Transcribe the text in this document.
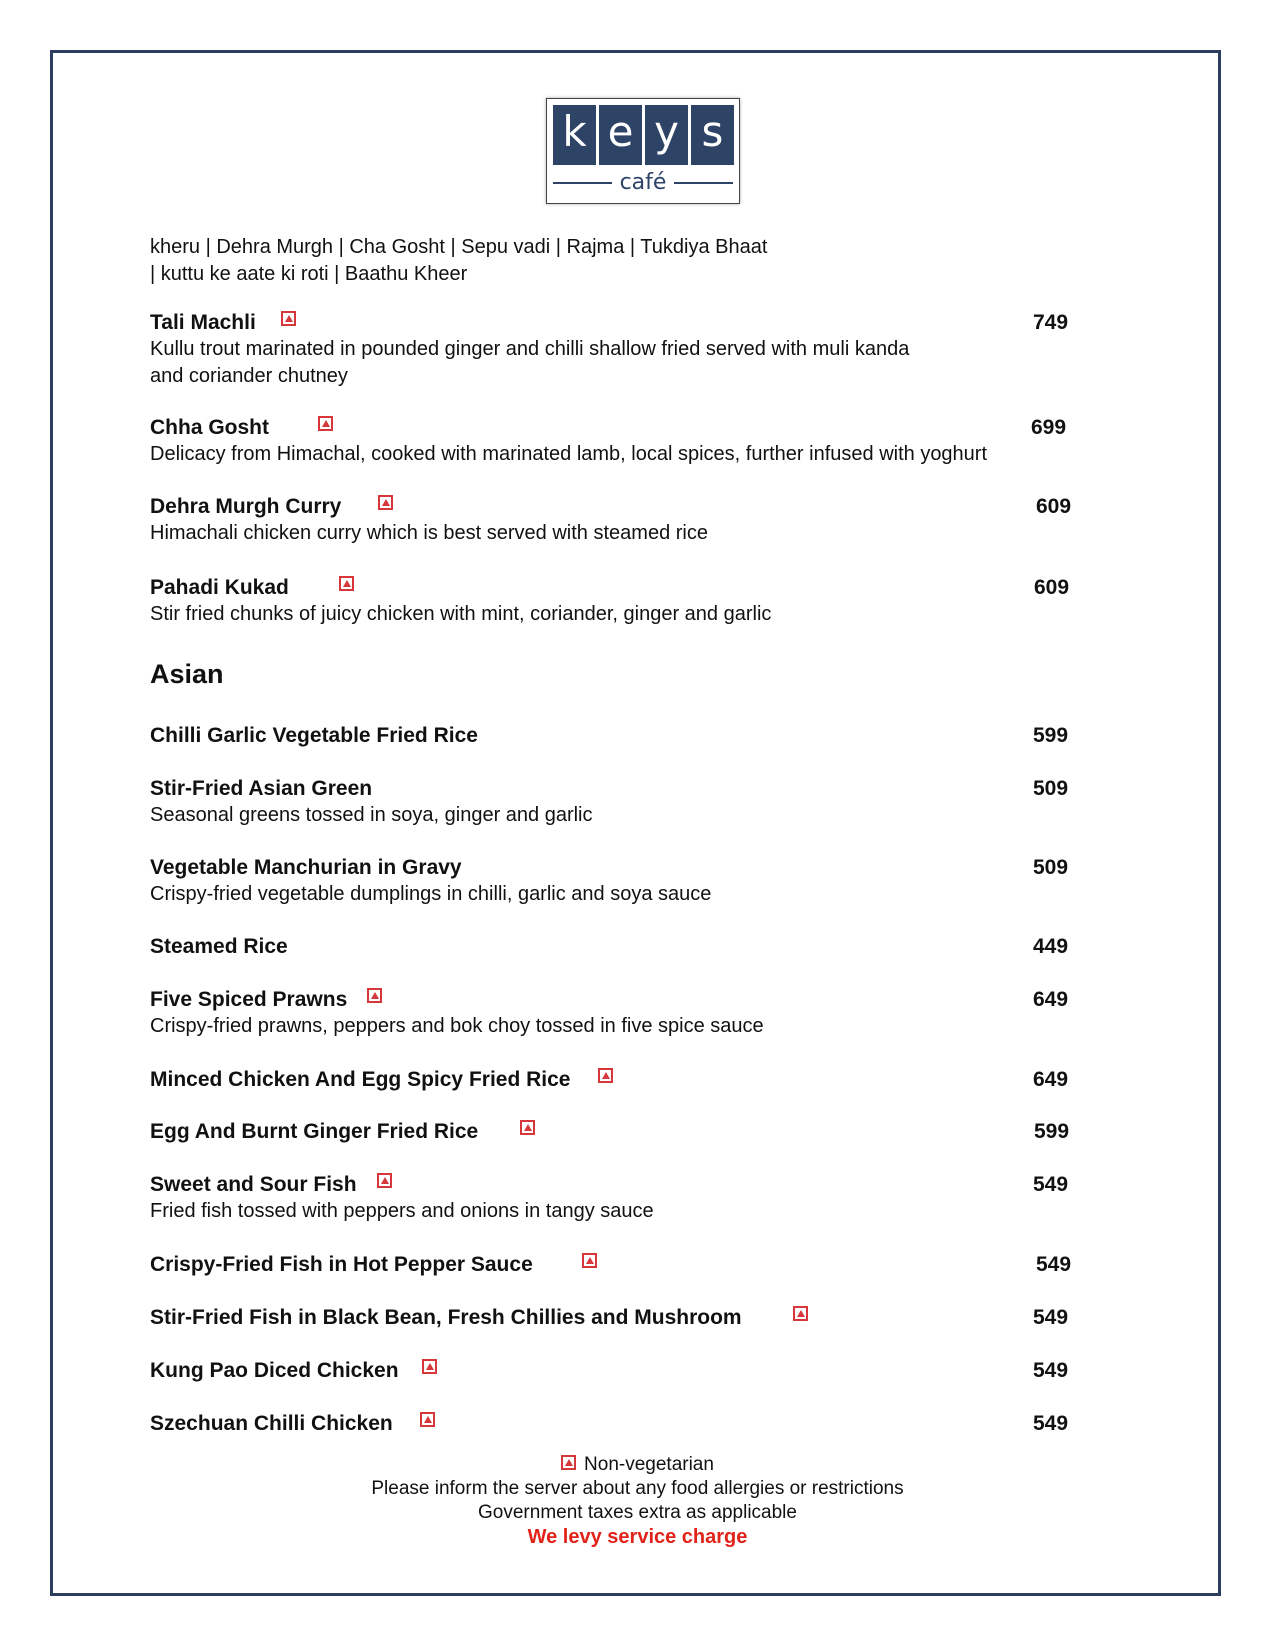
k e y s
café
kheru | Dehra Murgh | Cha Gosht | Sepu vadi | Rajma | Tukdiya Bhaat
| kuttu ke aate ki roti | Baathu Kheer
Tali Machli	749
Kullu trout marinated in pounded ginger and chilli shallow fried served with muli kanda
and coriander chutney
Chha Gosht	699
Delicacy from Himachal, cooked with marinated lamb, local spices, further infused with yoghurt
Dehra Murgh Curry	609
Himachali chicken curry which is best served with steamed rice
Pahadi Kukad	609
Stir fried chunks of juicy chicken with mint, coriander, ginger and garlic
Asian
Chilli Garlic Vegetable Fried Rice	599
Stir-Fried Asian Green	509
Seasonal greens tossed in soya, ginger and garlic
Vegetable Manchurian in Gravy	509
Crispy-fried vegetable dumplings in chilli, garlic and soya sauce
Steamed Rice	449
Five Spiced Prawns	649
Crispy-fried prawns, peppers and bok choy tossed in five spice sauce
Minced Chicken And Egg Spicy Fried Rice	649
Egg And Burnt Ginger Fried Rice	599
Sweet and Sour Fish	549
Fried fish tossed with peppers and onions in tangy sauce
Crispy-Fried Fish in Hot Pepper Sauce	549
Stir-Fried Fish in Black Bean, Fresh Chillies and Mushroom	549
Kung Pao Diced Chicken	549
Szechuan Chilli Chicken	549
Non-vegetarian
Please inform the server about any food allergies or restrictions
Government taxes extra as applicable
We levy service charge
